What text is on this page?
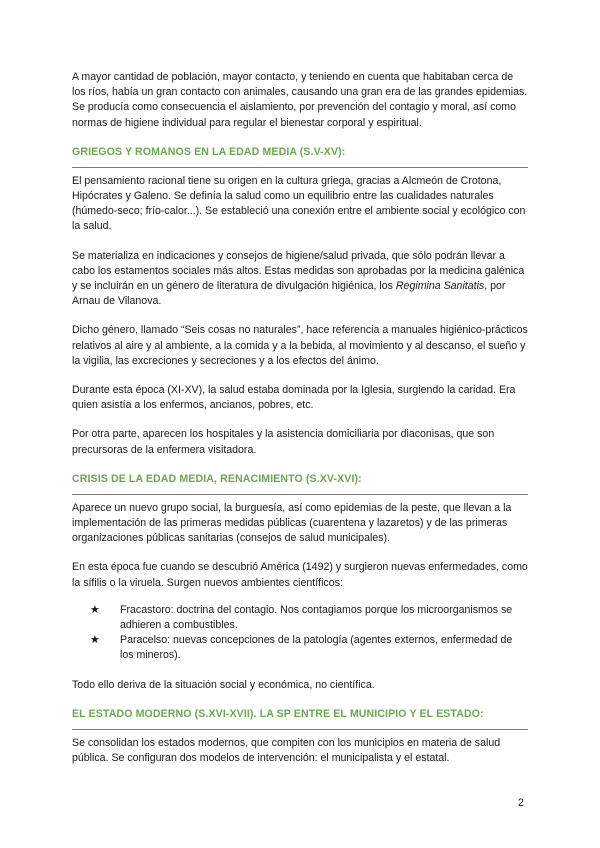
A mayor cantidad de población, mayor contacto, y teniendo en cuenta que habitaban cerca de los ríos, había un gran contacto con animales, causando una gran era de las grandes epidemias. Se producía como consecuencia el aislamiento, por prevención del contagio y moral, así como normas de higiene individual para regular el bienestar corporal y espiritual.

GRIEGOS Y ROMANOS EN LA EDAD MEDIA (S.V-XV):

El pensamiento racional tiene su origen en la cultura griega, gracias a Alcmeón de Crotona, Hipócrates y Galeno. Se definía la salud como un equilibrio entre las cualidades naturales (húmedo-seco; frío-calor...). Se estableció una conexión entre el ambiente social y ecológico con la salud.

Se materializa en indicaciones y consejos de higiene/salud privada, que sólo podrán llevar a cabo los estamentos sociales más altos. Estas medidas son aprobadas por la medicina galénica y se incluirán en un género de literatura de divulgación higiénica, los Regimina Sanitatis, por Arnau de Vilanova.

Dicho género, llamado “Seis cosas no naturales”, hace referencia a manuales higiénico-prácticos relativos al aire y al ambiente, a la comida y a la bebida, al movimiento y al descanso, el sueño y la vigilia, las excreciones y secreciones y a los efectos del ánimo.

Durante esta época (XI-XV), la salud estaba dominada por la Iglesia, surgiendo la caridad. Era quien asistía a los enfermos, ancianos, pobres, etc.

Por otra parte, aparecen los hospitales y la asistencia domiciliaria por diaconisas, que son precursoras de la enfermera visitadora.

CRISIS DE LA EDAD MEDIA, RENACIMIENTO (S.XV-XVI):

Aparece un nuevo grupo social, la burguesía, así como epidemias de la peste, que llevan a la implementación de las primeras medidas públicas (cuarentena y lazaretos) y de las primeras organizaciones públicas sanitarias (consejos de salud municipales).

En esta época fue cuando se descubrió América (1492) y surgieron nuevas enfermedades, como la sífilis o la viruela. Surgen nuevos ambientes científicos:

★ Fracastoro: doctrina del contagio. Nos contagiamos porque los microorganismos se adhieren a combustibles.
★ Paracelso: nuevas concepciones de la patología (agentes externos, enfermedad de los mineros).

Todo ello deriva de la situación social y económica, no científica.

EL ESTADO MODERNO (S.XVI-XVII). LA SP ENTRE EL MUNICIPIO Y EL ESTADO:

Se consolidan los estados modernos, que compiten con los municipios en materia de salud pública. Se configuran dos modelos de intervención: el municipalista y el estatal.

2
